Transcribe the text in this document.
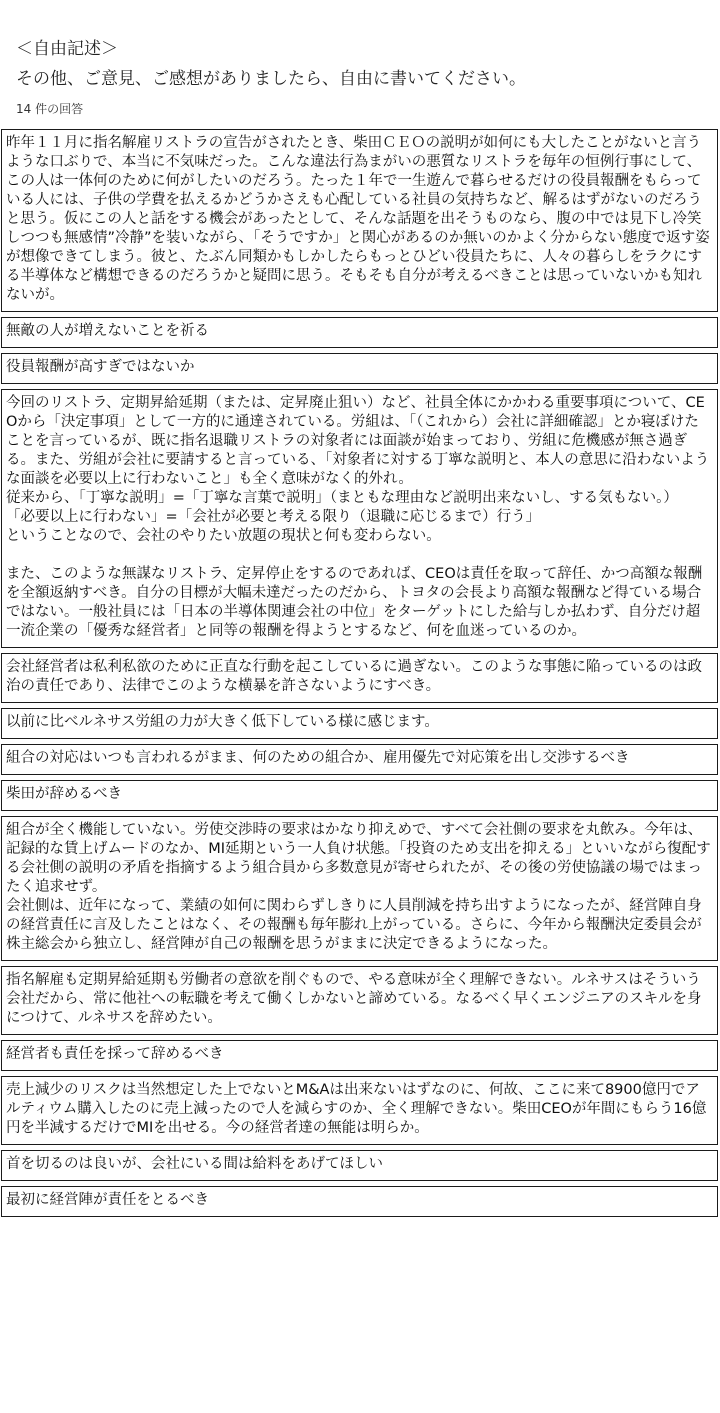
＜自由記述＞

その他、ご意見、ご感想がありましたら、自由に書いてください。

14 件の回答

昨年１１月に指名解雇リストラの宣告がされたとき、柴田ＣＥＯの説明が如何にも大したことがないと言うような口ぶりで、本当に不気味だった。こんな違法行為まがいの悪質なリストラを毎年の恒例行事にして、この人は一体何のために何がしたいのだろう。たった１年で一生遊んで暮らせるだけの役員報酬をもらっている人には、子供の学費を払えるかどうかさえも心配している社員の気持ちなど、解るはずがないのだろうと思う。仮にこの人と話をする機会があったとして、そんな話題を出そうものなら、腹の中では見下し冷笑しつつも無感情”冷静”を装いながら、「そうですか」と関心があるのか無いのかよく分からない態度で返す姿が想像できてしまう。彼と、たぶん同類かもしかしたらもっとひどい役員たちに、人々の暮らしをラクにする半導体など構想できるのだろうかと疑問に思う。そもそも自分が考えるべきことは思っていないかも知れないが。
無敵の人が増えないことを祈る
役員報酬が高すぎではないか
今回のリストラ、定期昇給延期（または、定昇廃止狙い）など、社員全体にかかわる重要事項について、CEOから「決定事項」として一方的に通達されている。労組は、「（これから）会社に詳細確認」とか寝ぼけたことを言っているが、既に指名退職リストラの対象者には面談が始まっており、労組に危機感が無さ過ぎる。また、労組が会社に要請すると言っている、「対象者に対する丁寧な説明と、本人の意思に沿わないような面談を必要以上に行わないこと」も全く意味がなく的外れ。
従来から、「丁寧な説明」=「丁寧な言葉で説明」（まともな理由など説明出来ないし、する気もない。）
「必要以上に行わない」=「会社が必要と考える限り（退職に応じるまで）行う」
ということなので、会社のやりたい放題の現状と何も変わらない。

また、このような無謀なリストラ、定昇停止をするのであれば、CEOは責任を取って辞任、かつ高額な報酬を全額返納すべき。自分の目標が大幅未達だったのだから、トヨタの会長より高額な報酬など得ている場合ではない。一般社員には「日本の半導体関連会社の中位」をターゲットにした給与しか払わず、自分だけ超一流企業の「優秀な経営者」と同等の報酬を得ようとするなど、何を血迷っているのか。
会社経営者は私利私欲のために正直な行動を起こしているに過ぎない。このような事態に陥っているのは政治の責任であり、法律でこのような横暴を許さないようにすべき。
以前に比べルネサス労組の力が大きく低下している様に感じます。
組合の対応はいつも言われるがまま、何のための組合か、雇用優先で対応策を出し交渉するべき
柴田が辞めるべき
組合が全く機能していない。労使交渉時の要求はかなり抑えめで、すべて会社側の要求を丸飲み。今年は、記録的な賃上げムードのなか、MI延期という一人負け状態。「投資のため支出を抑える」といいながら復配する会社側の説明の矛盾を指摘するよう組合員から多数意見が寄せられたが、その後の労使協議の場ではまったく追求せず。
会社側は、近年になって、業績の如何に関わらずしきりに人員削減を持ち出すようになったが、経営陣自身の経営責任に言及したことはなく、その報酬も毎年膨れ上がっている。さらに、今年から報酬決定委員会が株主総会から独立し、経営陣が自己の報酬を思うがままに決定できるようになった。
指名解雇も定期昇給延期も労働者の意欲を削ぐもので、やる意味が全く理解できない。ルネサスはそういう会社だから、常に他社への転職を考えて働くしかないと諦めている。なるべく早くエンジニアのスキルを身につけて、ルネサスを辞めたい。
経営者も責任を採って辞めるべき
売上減少のリスクは当然想定した上でないとM&Aは出来ないはずなのに、何故、ここに来て8900億円でアルティウム購入したのに売上減ったので人を減らすのか、全く理解できない。柴田CEOが年間にもらう16億円を半減するだけでMIを出せる。今の経営者達の無能は明らか。
首を切るのは良いが、会社にいる間は給料をあげてほしい
最初に経営陣が責任をとるべき
